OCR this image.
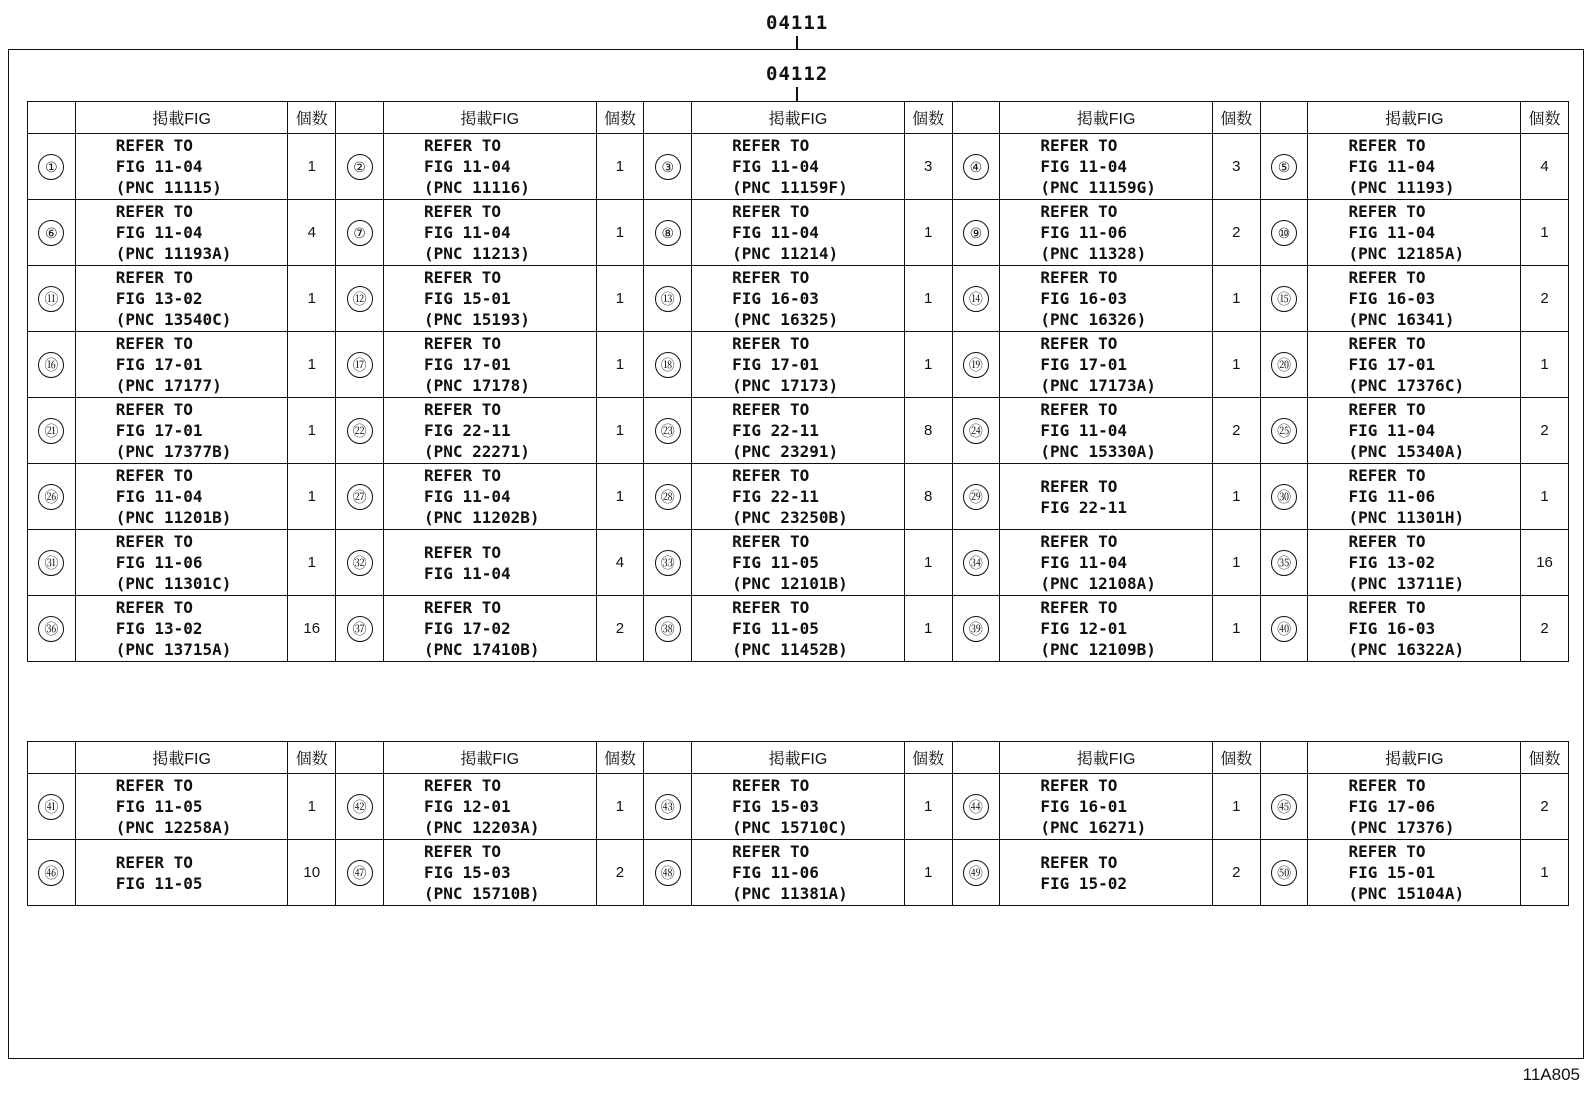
04111
04112
	掲載FIG	個数		掲載FIG	個数		掲載FIG	個数		掲載FIG	個数		掲載FIG	個数
①	REFER TO
FIG 11-04
(PNC 11115)	1	②	REFER TO
FIG 11-04
(PNC 11116)	1	③	REFER TO
FIG 11-04
(PNC 11159F)	3	④	REFER TO
FIG 11-04
(PNC 11159G)	3	⑤	REFER TO
FIG 11-04
(PNC 11193)	4
⑥	REFER TO
FIG 11-04
(PNC 11193A)	4	⑦	REFER TO
FIG 11-04
(PNC 11213)	1	⑧	REFER TO
FIG 11-04
(PNC 11214)	1	⑨	REFER TO
FIG 11-06
(PNC 11328)	2	⑩	REFER TO
FIG 11-04
(PNC 12185A)	1
⑪	REFER TO
FIG 13-02
(PNC 13540C)	1	⑫	REFER TO
FIG 15-01
(PNC 15193)	1	⑬	REFER TO
FIG 16-03
(PNC 16325)	1	⑭	REFER TO
FIG 16-03
(PNC 16326)	1	⑮	REFER TO
FIG 16-03
(PNC 16341)	2
⑯	REFER TO
FIG 17-01
(PNC 17177)	1	⑰	REFER TO
FIG 17-01
(PNC 17178)	1	⑱	REFER TO
FIG 17-01
(PNC 17173)	1	⑲	REFER TO
FIG 17-01
(PNC 17173A)	1	⑳	REFER TO
FIG 17-01
(PNC 17376C)	1
㉑	REFER TO
FIG 17-01
(PNC 17377B)	1	㉒	REFER TO
FIG 22-11
(PNC 22271)	1	㉓	REFER TO
FIG 22-11
(PNC 23291)	8	㉔	REFER TO
FIG 11-04
(PNC 15330A)	2	㉕	REFER TO
FIG 11-04
(PNC 15340A)	2
㉖	REFER TO
FIG 11-04
(PNC 11201B)	1	㉗	REFER TO
FIG 11-04
(PNC 11202B)	1	㉘	REFER TO
FIG 22-11
(PNC 23250B)	8	㉙	REFER TO
FIG 22-11	1	㉚	REFER TO
FIG 11-06
(PNC 11301H)	1
㉛	REFER TO
FIG 11-06
(PNC 11301C)	1	㉜	REFER TO
FIG 11-04	4	㉝	REFER TO
FIG 11-05
(PNC 12101B)	1	㉞	REFER TO
FIG 11-04
(PNC 12108A)	1	㉟	REFER TO
FIG 13-02
(PNC 13711E)	16
㊱	REFER TO
FIG 13-02
(PNC 13715A)	16	㊲	REFER TO
FIG 17-02
(PNC 17410B)	2	㊳	REFER TO
FIG 11-05
(PNC 11452B)	1	㊴	REFER TO
FIG 12-01
(PNC 12109B)	1	㊵	REFER TO
FIG 16-03
(PNC 16322A)	2
	掲載FIG	個数		掲載FIG	個数		掲載FIG	個数		掲載FIG	個数		掲載FIG	個数
㊶	REFER TO
FIG 11-05
(PNC 12258A)	1	㊷	REFER TO
FIG 12-01
(PNC 12203A)	1	㊸	REFER TO
FIG 15-03
(PNC 15710C)	1	㊹	REFER TO
FIG 16-01
(PNC 16271)	1	㊺	REFER TO
FIG 17-06
(PNC 17376)	2
㊻	REFER TO
FIG 11-05	10	㊼	REFER TO
FIG 15-03
(PNC 15710B)	2	㊽	REFER TO
FIG 11-06
(PNC 11381A)	1	㊾	REFER TO
FIG 15-02	2	㊿	REFER TO
FIG 15-01
(PNC 15104A)	1
11A805
